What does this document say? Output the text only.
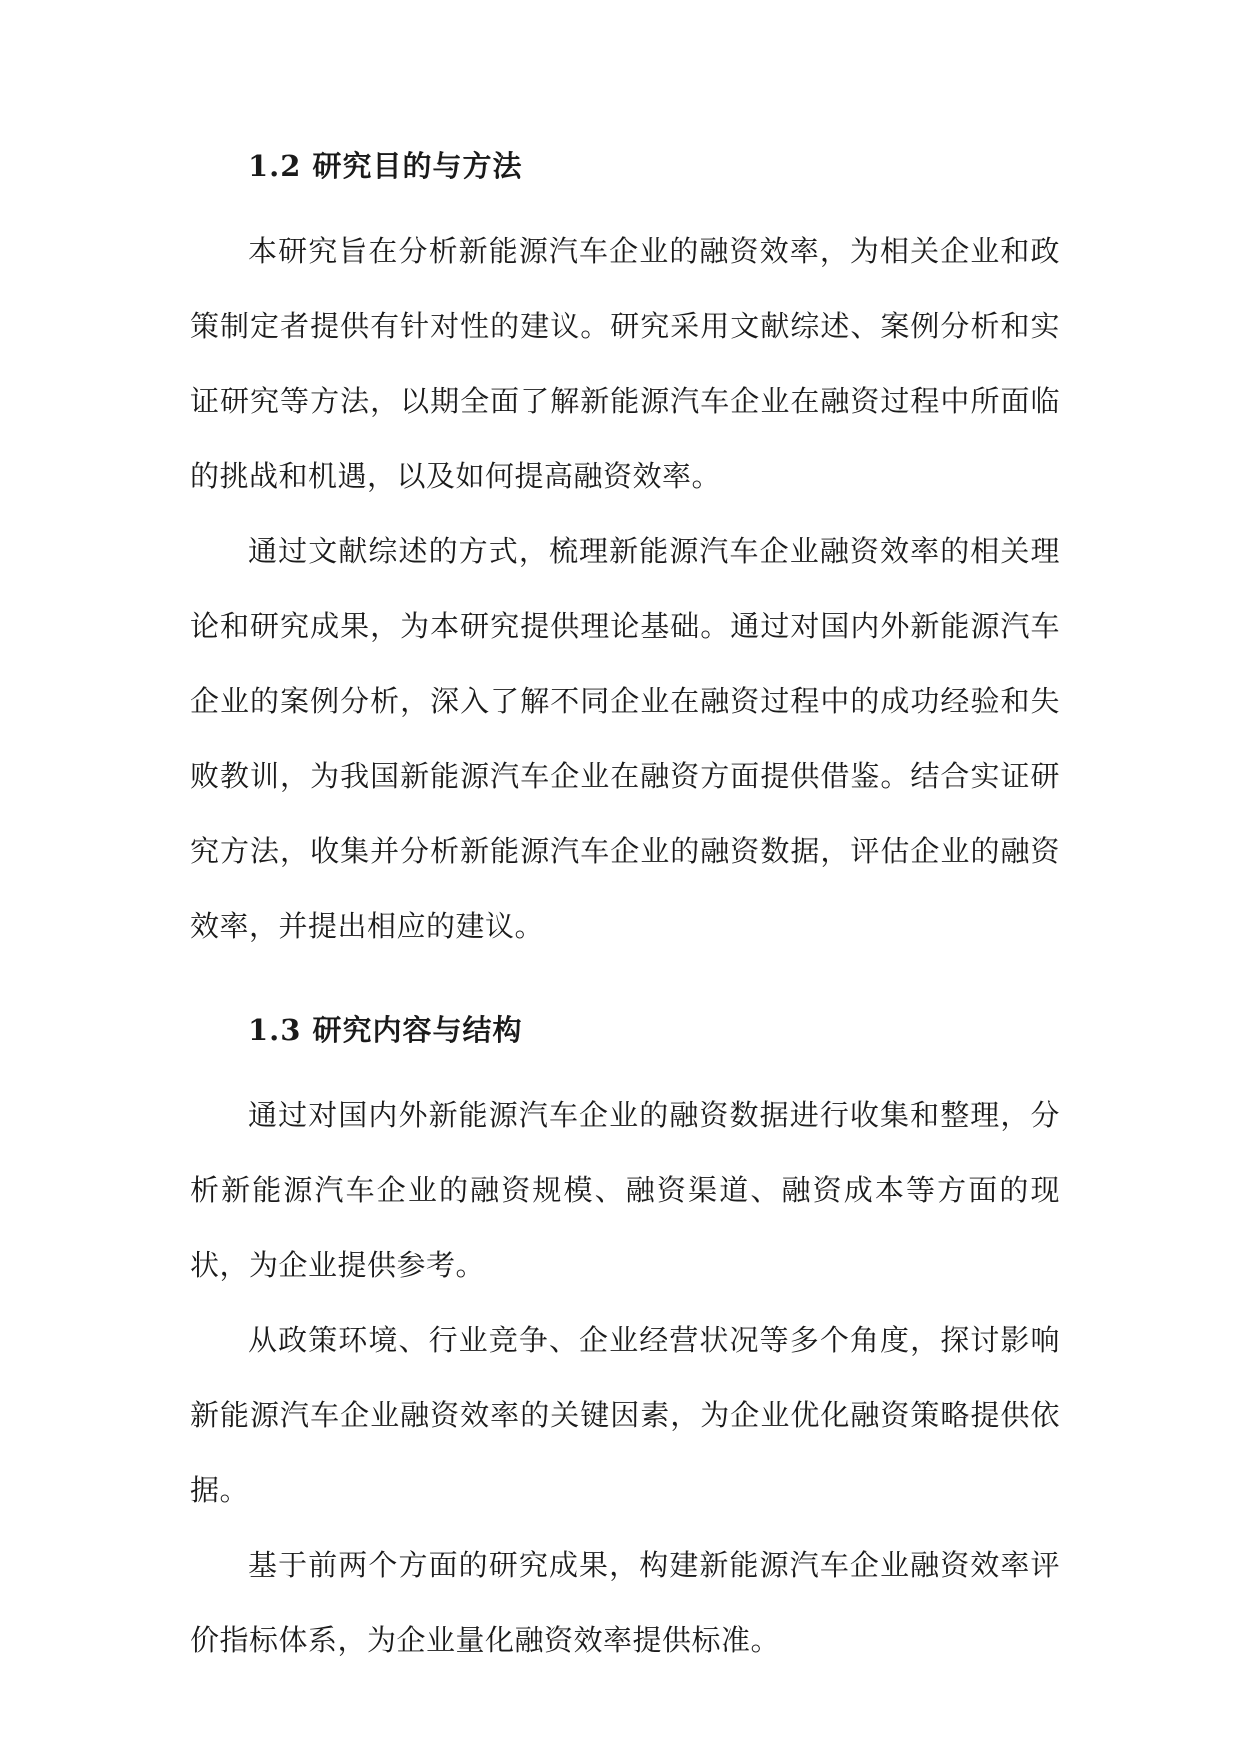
1.2 研究目的与方法

本研究旨在分析新能源汽车企业的融资效率，为相关企业和政策制定者提供有针对性的建议。研究采用文献综述、案例分析和实证研究等方法，以期全面了解新能源汽车企业在融资过程中所面临的挑战和机遇，以及如何提高融资效率。

通过文献综述的方式，梳理新能源汽车企业融资效率的相关理论和研究成果，为本研究提供理论基础。通过对国内外新能源汽车企业的案例分析，深入了解不同企业在融资过程中的成功经验和失败教训，为我国新能源汽车企业在融资方面提供借鉴。结合实证研究方法，收集并分析新能源汽车企业的融资数据，评估企业的融资效率，并提出相应的建议。

1.3 研究内容与结构

通过对国内外新能源汽车企业的融资数据进行收集和整理，分析新能源汽车企业的融资规模、融资渠道、融资成本等方面的现状，为企业提供参考。

从政策环境、行业竞争、企业经营状况等多个角度，探讨影响新能源汽车企业融资效率的关键因素，为企业优化融资策略提供依据。

基于前两个方面的研究成果，构建新能源汽车企业融资效率评价指标体系，为企业量化融资效率提供标准。
